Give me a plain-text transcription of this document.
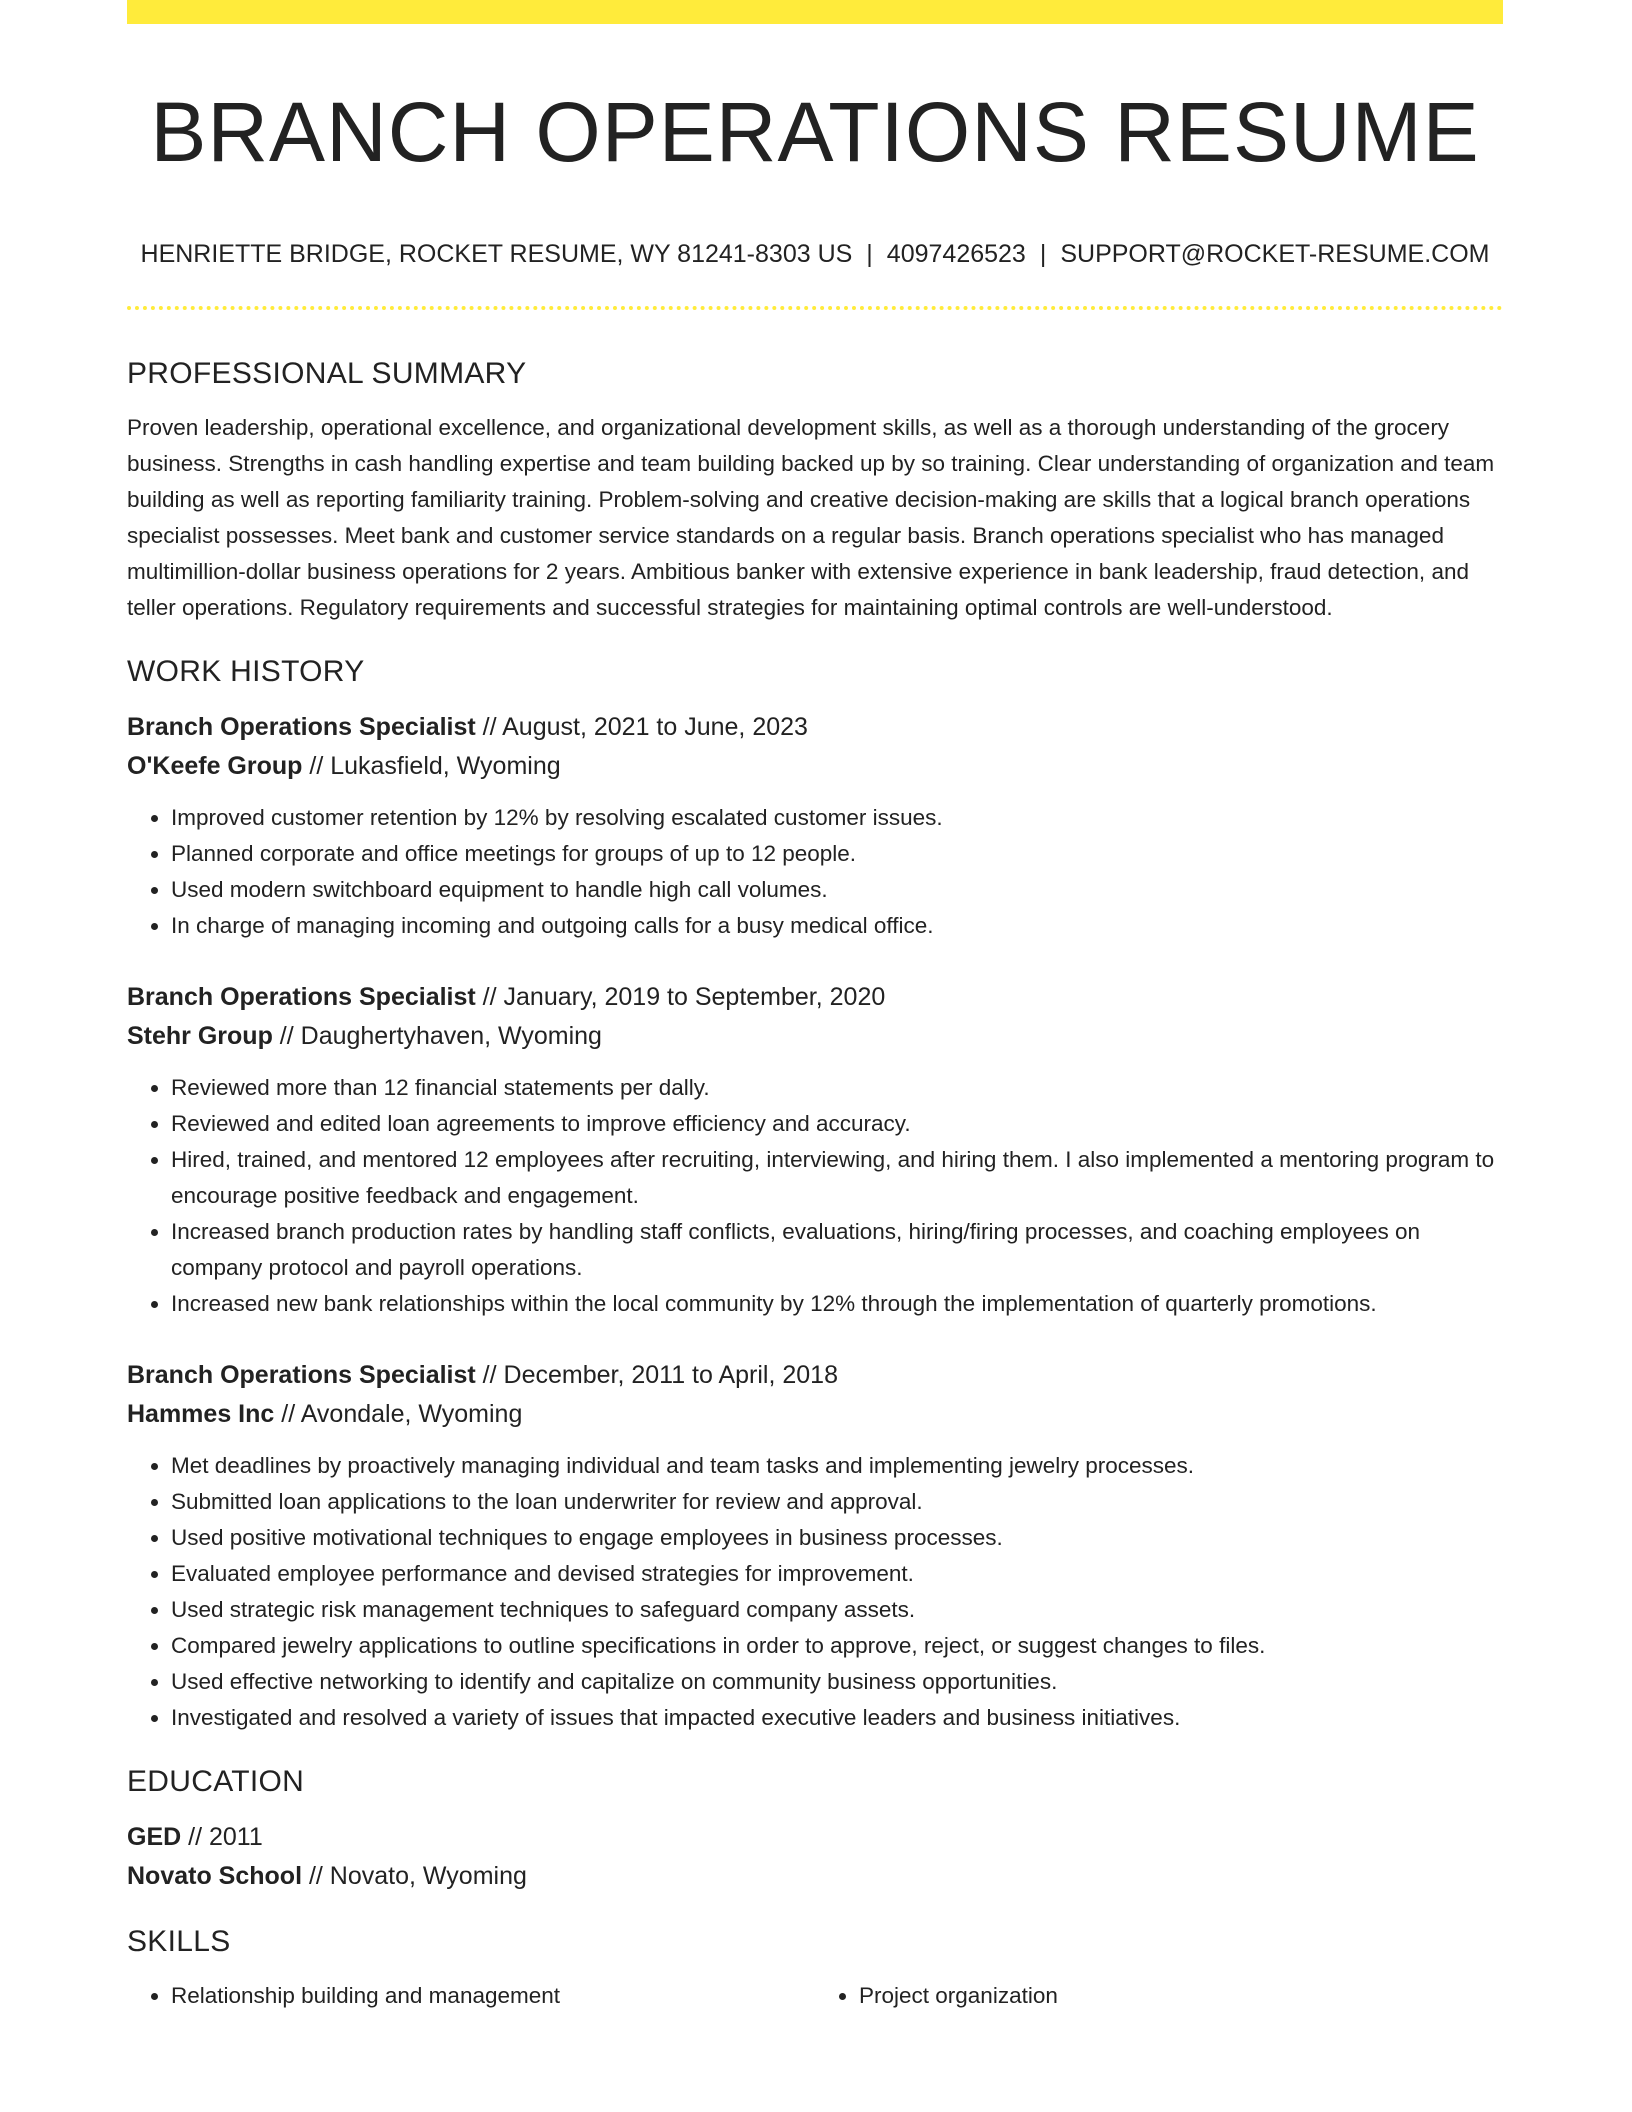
BRANCH OPERATIONS RESUME
HENRIETTE BRIDGE, ROCKET RESUME, WY 81241-8303 US | 4097426523 | SUPPORT@ROCKET-RESUME.COM
PROFESSIONAL SUMMARY

Proven leadership, operational excellence, and organizational development skills, as well as a thorough understanding of the grocery business. Strengths in cash handling expertise and team building backed up by so training. Clear understanding of organization and team building as well as reporting familiarity training. Problem-solving and creative decision-making are skills that a logical branch operations specialist possesses. Meet bank and customer service standards on a regular basis. Branch operations specialist who has managed multimillion-dollar business operations for 2 years. Ambitious banker with extensive experience in bank leadership, fraud detection, and teller operations. Regulatory requirements and successful strategies for maintaining optimal controls are well-understood.

WORK HISTORY
Branch Operations Specialist // August, 2021 to June, 2023
O'Keefe Group // Lukasfield, Wyoming
• Improved customer retention by 12% by resolving escalated customer issues.
• Planned corporate and office meetings for groups of up to 12 people.
• Used modern switchboard equipment to handle high call volumes.
• In charge of managing incoming and outgoing calls for a busy medical office.
Branch Operations Specialist // January, 2019 to September, 2020
Stehr Group // Daughertyhaven, Wyoming
• Reviewed more than 12 financial statements per dally.
• Reviewed and edited loan agreements to improve efficiency and accuracy.
• Hired, trained, and mentored 12 employees after recruiting, interviewing, and hiring them. I also implemented a mentoring program to encourage positive feedback and engagement.
• Increased branch production rates by handling staff conflicts, evaluations, hiring/firing processes, and coaching employees on company protocol and payroll operations.
• Increased new bank relationships within the local community by 12% through the implementation of quarterly promotions.
Branch Operations Specialist // December, 2011 to April, 2018
Hammes Inc // Avondale, Wyoming
• Met deadlines by proactively managing individual and team tasks and implementing jewelry processes.
• Submitted loan applications to the loan underwriter for review and approval.
• Used positive motivational techniques to engage employees in business processes.
• Evaluated employee performance and devised strategies for improvement.
• Used strategic risk management techniques to safeguard company assets.
• Compared jewelry applications to outline specifications in order to approve, reject, or suggest changes to files.
• Used effective networking to identify and capitalize on community business opportunities.
• Investigated and resolved a variety of issues that impacted executive leaders and business initiatives.
EDUCATION
GED // 2011
Novato School // Novato, Wyoming
SKILLS
• Relationship building and management
•	Project organization
